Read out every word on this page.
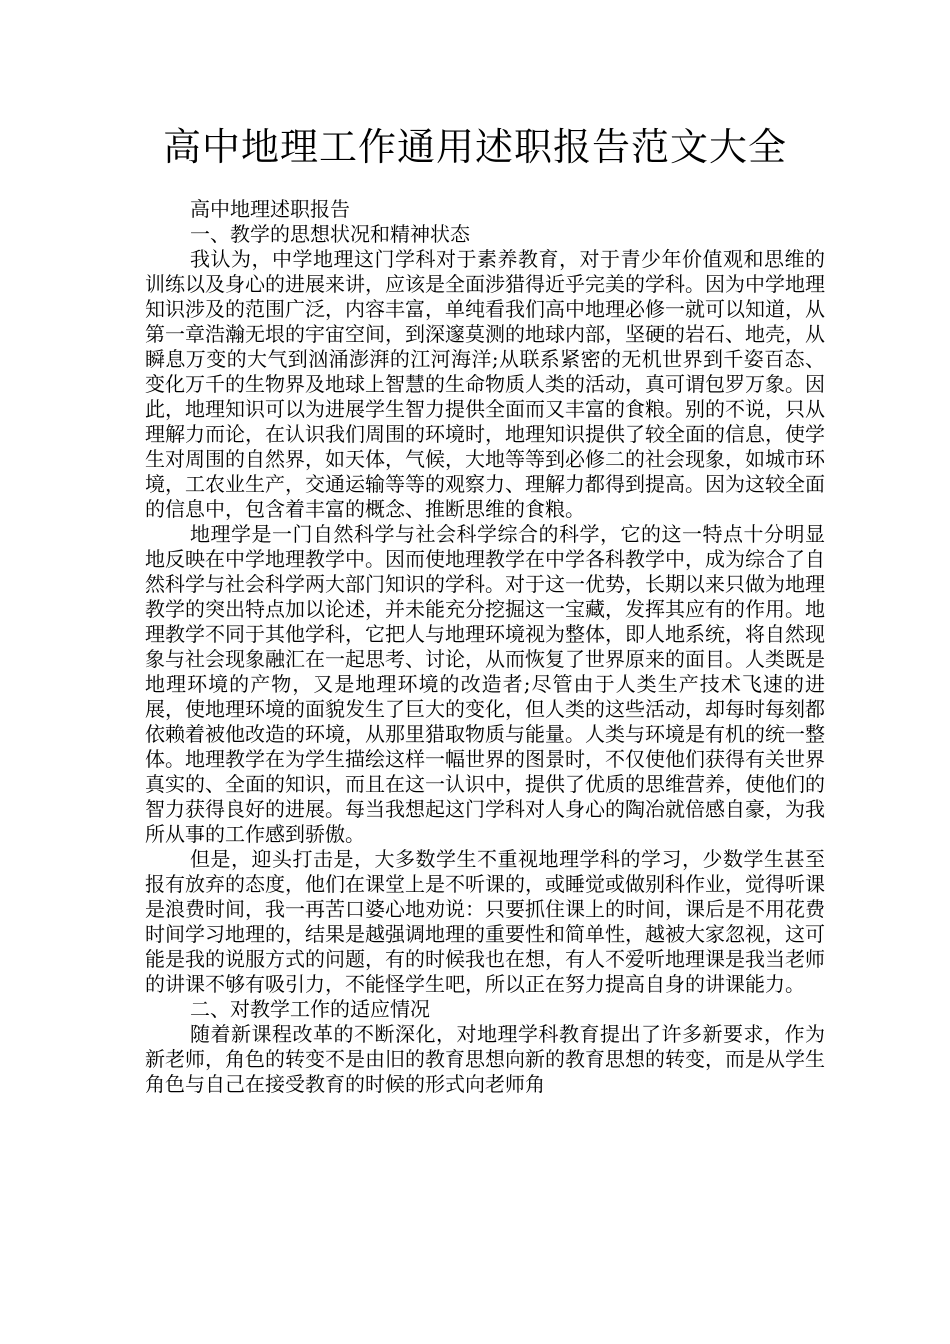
高中地理工作通用述职报告范文大全

高中地理述职报告

一、教学的思想状况和精神状态

我认为，中学地理这门学科对于素养教育，对于青少年价值观和思维的训练以及身心的进展来讲，应该是全面涉猎得近乎完美的学科。因为中学地理知识涉及的范围广泛，内容丰富，单纯看我们高中地理必修一就可以知道，从第一章浩瀚无垠的宇宙空间，到深邃莫测的地球内部，坚硬的岩石、地壳，从瞬息万变的大气到汹涌澎湃的江河海洋;从联系紧密的无机世界到千姿百态、变化万千的生物界及地球上智慧的生命物质人类的活动，真可谓包罗万象。因此，地理知识可以为进展学生智力提供全面而又丰富的食粮。别的不说，只从理解力而论，在认识我们周围的环境时，地理知识提供了较全面的信息，使学生对周围的自然界，如天体，气候，大地等等到必修二的社会现象，如城市环境，工农业生产，交通运输等等的观察力、理解力都得到提高。因为这较全面的信息中，包含着丰富的概念、推断思维的食粮。

地理学是一门自然科学与社会科学综合的科学，它的这一特点十分明显地反映在中学地理教学中。因而使地理教学在中学各科教学中，成为综合了自然科学与社会科学两大部门知识的学科。对于这一优势，长期以来只做为地理教学的突出特点加以论述，并未能充分挖掘这一宝藏，发挥其应有的作用。地理教学不同于其他学科，它把人与地理环境视为整体，即人地系统，将自然现象与社会现象融汇在一起思考、讨论，从而恢复了世界原来的面目。人类既是地理环境的产物，又是地理环境的改造者;尽管由于人类生产技术飞速的进展，使地理环境的面貌发生了巨大的变化，但人类的这些活动，却每时每刻都依赖着被他改造的环境，从那里猎取物质与能量。人类与环境是有机的统一整体。地理教学在为学生描绘这样一幅世界的图景时，不仅使他们获得有关世界真实的、全面的知识，而且在这一认识中，提供了优质的思维营养，使他们的智力获得良好的进展。每当我想起这门学科对人身心的陶冶就倍感自豪，为我所从事的工作感到骄傲。

但是，迎头打击是，大多数学生不重视地理学科的学习，少数学生甚至报有放弃的态度，他们在课堂上是不听课的，或睡觉或做别科作业，觉得听课是浪费时间，我一再苦口婆心地劝说：只要抓住课上的时间，课后是不用花费时间学习地理的，结果是越强调地理的重要性和简单性，越被大家忽视，这可能是我的说服方式的问题，有的时候我也在想，有人不爱听地理课是我当老师的讲课不够有吸引力，不能怪学生吧，所以正在努力提高自身的讲课能力。

二、对教学工作的适应情况

随着新课程改革的不断深化，对地理学科教育提出了许多新要求，作为新老师，角色的转变不是由旧的教育思想向新的教育思想的转变，而是从学生角色与自己在接受教育的时候的形式向老师角
